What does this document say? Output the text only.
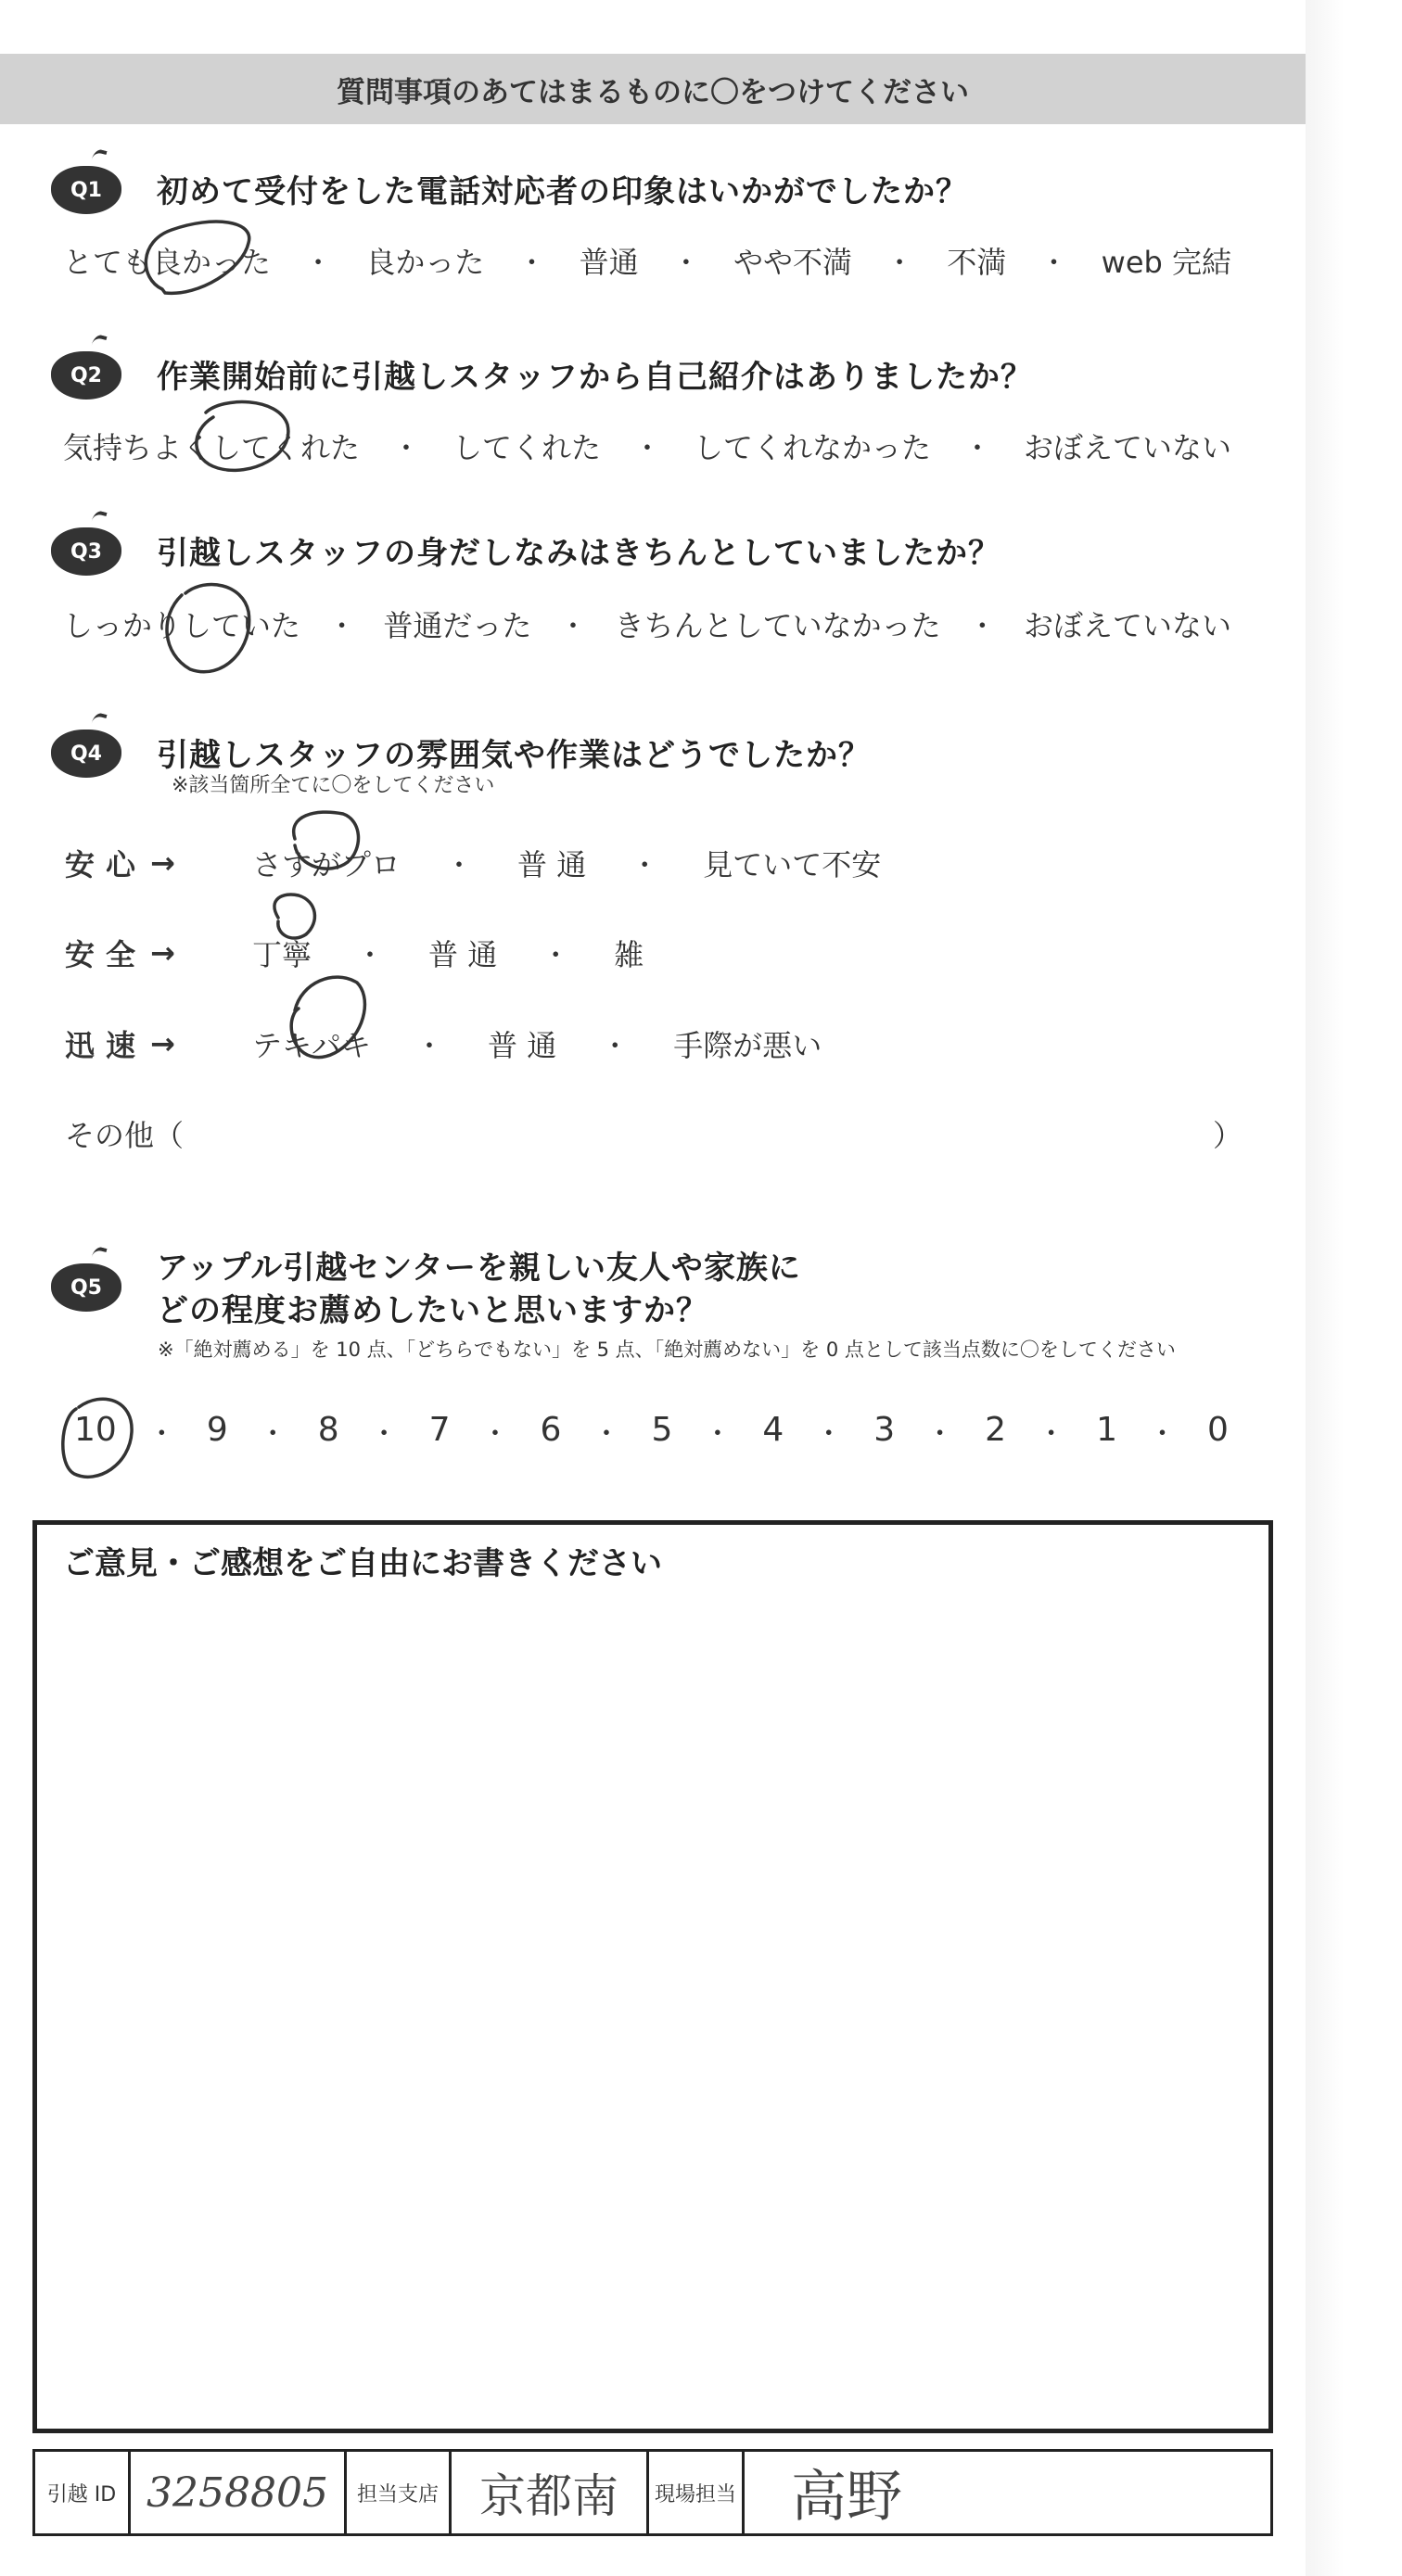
質問事項のあてはまるものに〇をつけてください
Q1	初めて受付をした電話対応者の印象はいかがでしたか？
とても良かった ・ 良かった ・ 普通 ・ やや不満 ・ 不満 ・ web 完結
Q2	作業開始前に引越しスタッフから自己紹介はありましたか？
気持ちよくしてくれた ・ してくれた ・ してくれなかった ・ おぼえていない
Q3	引越しスタッフの身だしなみはきちんとしていましたか？
しっかりしていた ・ 普通だった ・ きちんとしていなかった ・ おぼえていない
Q4	引越しスタッフの雰囲気や作業はどうでしたか？
※該当箇所全てに〇をしてください
安心 →	さすがプロ ・ 普 通 ・ 見ていて不安
安全 →	丁寧 ・ 普 通 ・ 雑
迅速 →	テキパキ ・ 普 通 ・ 手際が悪い
その他（	）
Q5
アップル引越センターを親しい友人や家族に
どの程度お薦めしたいと思いますか？
※「絶対薦める」を 10 点、「どちらでもない」を 5 点、「絶対薦めない」を 0 点として該当点数に〇をしてください
10 ・ 9 ・ 8 ・ 7 ・ 6 ・ 5 ・ 4 ・ 3 ・ 2 ・ 1 ・ 0
ご意見・ご感想をご自由にお書きください
引越 ID 3258805 担当支店 京都南 現場担当 高野
